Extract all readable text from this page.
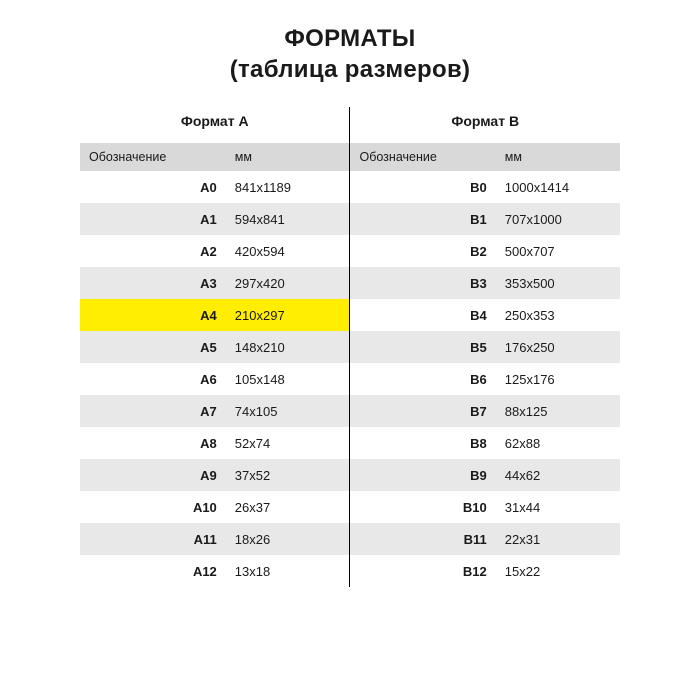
ФОРМАТЫ
(таблица размеров)
Формат А		Формат В	
Обозначение	мм	Обозначение	мм
А0	841x1189	B0	1000x1414
А1	594x841	B1	707x1000
А2	420x594	B2	500x707
А3	297x420	B3	353x500
А4	210x297	B4	250x353
А5	148x210	B5	176x250
А6	105x148	B6	125x176
А7	74x105	B7	88x125
А8	52x74	B8	62x88
А9	37x52	B9	44x62
А10	26x37	B10	31x44
А11	18x26	B11	22x31
А12	13x18	B12	15x22
